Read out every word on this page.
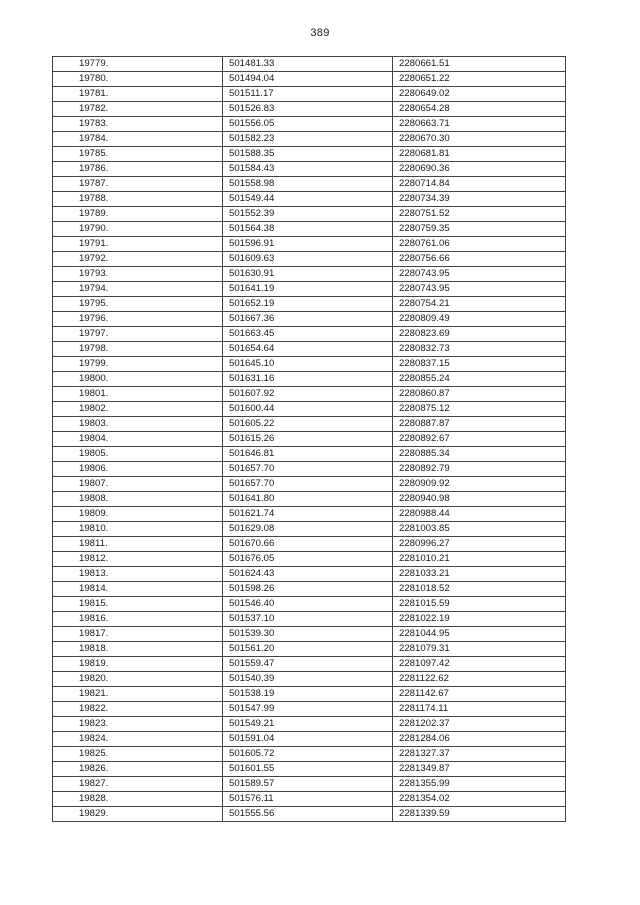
389
19779.	501481.33	2280661.51
19780.	501494.04	2280651.22
19781.	501511.17	2280649.02
19782.	501526.83	2280654.28
19783.	501556.05	2280663.71
19784.	501582.23	2280670.30
19785.	501588.35	2280681.81
19786.	501584.43	2280690.36
19787.	501558.98	2280714.84
19788.	501549.44	2280734.39
19789.	501552.39	2280751.52
19790.	501564.38	2280759.35
19791.	501596.91	2280761.06
19792.	501609.63	2280756.66
19793.	501630.91	2280743.95
19794.	501641.19	2280743.95
19795.	501652.19	2280754.21
19796.	501667.36	2280809.49
19797.	501663.45	2280823.69
19798.	501654.64	2280832.73
19799.	501645.10	2280837.15
19800.	501631.16	2280855.24
19801.	501607.92	2280860.87
19802.	501600.44	2280875.12
19803.	501605.22	2280887.87
19804.	501615.26	2280892.67
19805.	501646.81	2280885.34
19806.	501657.70	2280892.79
19807.	501657.70	2280909.92
19808.	501641.80	2280940.98
19809.	501621.74	2280988.44
19810.	501629.08	2281003.85
19811.	501670.66	2280996.27
19812.	501676.05	2281010.21
19813.	501624.43	2281033.21
19814.	501598.26	2281018.52
19815.	501546.40	2281015.59
19816.	501537.10	2281022.19
19817.	501539.30	2281044.95
19818.	501561.20	2281079.31
19819.	501559.47	2281097.42
19820.	501540.39	2281122.62
19821.	501538.19	2281142.67
19822.	501547.99	2281174.11
19823.	501549.21	2281202.37
19824.	501591.04	2281284.06
19825.	501605.72	2281327.37
19826.	501601.55	2281349.87
19827.	501589.57	2281355.99
19828.	501576.11	2281354.02
19829.	501555.56	2281339.59
